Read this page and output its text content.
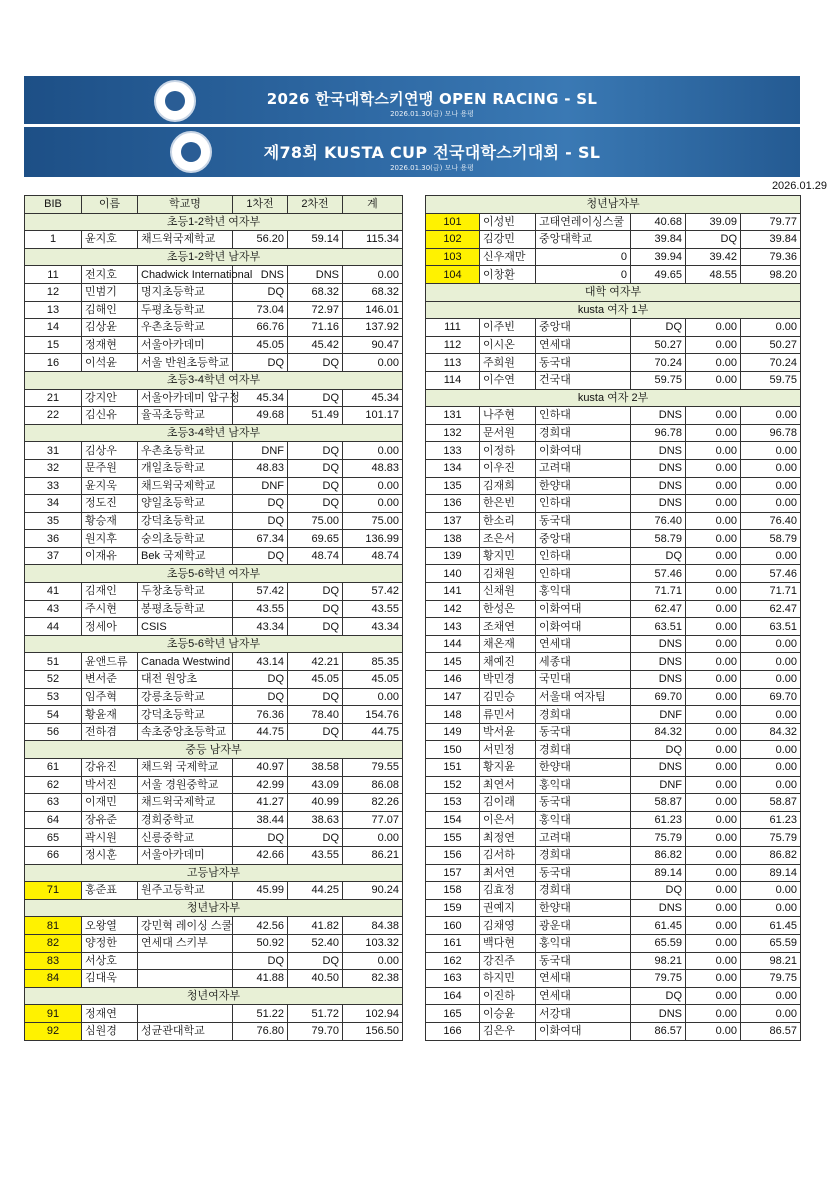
2026 한국대학스키연맹 OPEN RACING - SL
2026.01.30(금) 모나 용평
제78회 KUSTA CUP 전국대학스키대회 - SL
2026.01.30(금) 모나 용평
2026.01.29
BIB	이름	학교명	1차전	2차전	계
초등1-2학년 여자부					
1	윤지호	채드윅국제학교	56.20	59.14	115.34
초등1-2학년 남자부					
11	전지호	Chadwick International	DNS	DNS	0.00
12	민범기	명지초등학교	DQ	68.32	68.32
13	김해인	두평초등학교	73.04	72.97	146.01
14	김상윤	우촌초등학교	66.76	71.16	137.92
15	정재현	서울아카데미	45.05	45.42	90.47
16	이석윤	서울 반원초등학교	DQ	DQ	0.00
초등3-4학년 여자부					
21	강지안	서울아카데미 압구정	45.34	DQ	45.34
22	김신유	율곡초등학교	49.68	51.49	101.17
초등3-4학년 남자부					
31	김상우	우촌초등학교	DNF	DQ	0.00
32	문주원	개일초등학교	48.83	DQ	48.83
33	윤지욱	채드윅국제학교	DNF	DQ	0.00
34	정도진	양일초등학교	DQ	DQ	0.00
35	황승재	강덕초등학교	DQ	75.00	75.00
36	원지후	숭의초등학교	67.34	69.65	136.99
37	이재유	Bek 국제학교	DQ	48.74	48.74
초등5-6학년 여자부					
41	김재인	두창초등학교	57.42	DQ	57.42
43	주시현	봉평초등학교	43.55	DQ	43.55
44	정세아	CSIS	43.34	DQ	43.34
초등5-6학년 남자부					
51	윤앤드류	Canada Westwind	43.14	42.21	85.35
52	변서준	대전 원앙초	DQ	45.05	45.05
53	임주혁	강릉초등학교	DQ	DQ	0.00
54	황윤재	강덕초등학교	76.36	78.40	154.76
56	전하겸	속초중앙초등학교	44.75	DQ	44.75
중등 남자부					
61	강유진	채드윅 국제학교	40.97	38.58	79.55
62	박서진	서울 경원중학교	42.99	43.09	86.08
63	이재민	채드윅국제학교	41.27	40.99	82.26
64	장유준	경희중학교	38.44	38.63	77.07
65	곽시원	신릉중학교	DQ	DQ	0.00
66	정시훈	서울아카데미	42.66	43.55	86.21
고등남자부					
71	홍준표	원주고등학교	45.99	44.25	90.24
청년남자부					
81	오왕열	강민혁 레이싱 스쿨	42.56	41.82	84.38
82	양정한	연세대 스키부	50.92	52.40	103.32
83	서상호		DQ	DQ	0.00
84	김대욱		41.88	40.50	82.38
청년여자부					
91	정재연		51.22	51.72	102.94
92	심원경	성균관대학교	76.80	79.70	156.50
청년남자부					
101	이성빈	고태연레이싱스쿨	40.68	39.09	79.77
102	김강민	중앙대학교	39.84	DQ	39.84
103	신우재만	0	39.94	39.42	79.36
104	이창환	0	49.65	48.55	98.20
대학 여자부					
kusta 여자 1부					
111	이주빈	중앙대	DQ	0.00	0.00
112	이시온	연세대	50.27	0.00	50.27
113	주희원	동국대	70.24	0.00	70.24
114	이수연	건국대	59.75	0.00	59.75
kusta 여자 2부					
131	나주현	인하대	DNS	0.00	0.00
132	문서원	경희대	96.78	0.00	96.78
133	이정하	이화여대	DNS	0.00	0.00
134	이우진	고려대	DNS	0.00	0.00
135	김재희	한양대	DNS	0.00	0.00
136	한은빈	인하대	DNS	0.00	0.00
137	한소리	동국대	76.40	0.00	76.40
138	조은서	중앙대	58.79	0.00	58.79
139	황지민	인하대	DQ	0.00	0.00
140	김채원	인하대	57.46	0.00	57.46
141	신채원	홍익대	71.71	0.00	71.71
142	한성은	이화여대	62.47	0.00	62.47
143	조채연	이화여대	63.51	0.00	63.51
144	채온재	연세대	DNS	0.00	0.00
145	채예진	세종대	DNS	0.00	0.00
146	박민경	국민대	DNS	0.00	0.00
147	김민승	서울대 여자팀	69.70	0.00	69.70
148	류민서	경희대	DNF	0.00	0.00
149	박서윤	동국대	84.32	0.00	84.32
150	서민정	경희대	DQ	0.00	0.00
151	황지윤	한양대	DNS	0.00	0.00
152	최연서	홍익대	DNF	0.00	0.00
153	김이래	동국대	58.87	0.00	58.87
154	이은서	홍익대	61.23	0.00	61.23
155	최정연	고려대	75.79	0.00	75.79
156	김서하	경희대	86.82	0.00	86.82
157	최서연	동국대	89.14	0.00	89.14
158	김효정	경희대	DQ	0.00	0.00
159	권예지	한양대	DNS	0.00	0.00
160	김채영	광운대	61.45	0.00	61.45
161	백다현	홍익대	65.59	0.00	65.59
162	강진주	동국대	98.21	0.00	98.21
163	하지민	연세대	79.75	0.00	79.75
164	이진하	연세대	DQ	0.00	0.00
165	이승윤	서강대	DNS	0.00	0.00
166	김은우	이화여대	86.57	0.00	86.57
